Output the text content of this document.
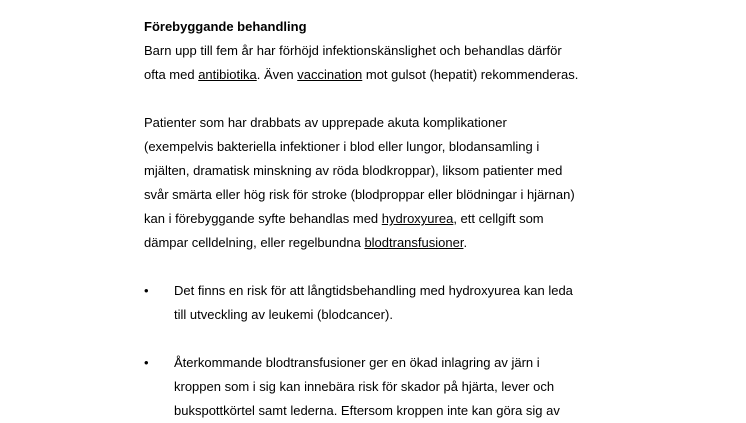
Förebyggande behandling
Barn upp till fem år har förhöjd infektionskänslighet och behandlas därför
ofta med antibiotika. Även vaccination mot gulsot (hepatit) rekommenderas.
Patienter som har drabbats av upprepade akuta komplikationer
(exempelvis bakteriella infektioner i blod eller lungor, blodansamling i
mjälten, dramatisk minskning av röda blodkroppar), liksom patienter med
svår smärta eller hög risk för stroke (blodproppar eller blödningar i hjärnan)
kan i förebyggande syfte behandlas med hydroxyurea, ett cellgift som
dämpar celldelning, eller regelbundna blodtransfusioner.
•	Det finns en risk för att långtidsbehandling med hydroxyurea kan leda
till utveckling av leukemi (blodcancer).
•	Återkommande blodtransfusioner ger en ökad inlagring av järn i
kroppen som i sig kan innebära risk för skador på hjärta, lever och
bukspottkörtel samt lederna. Eftersom kroppen inte kan göra sig av
